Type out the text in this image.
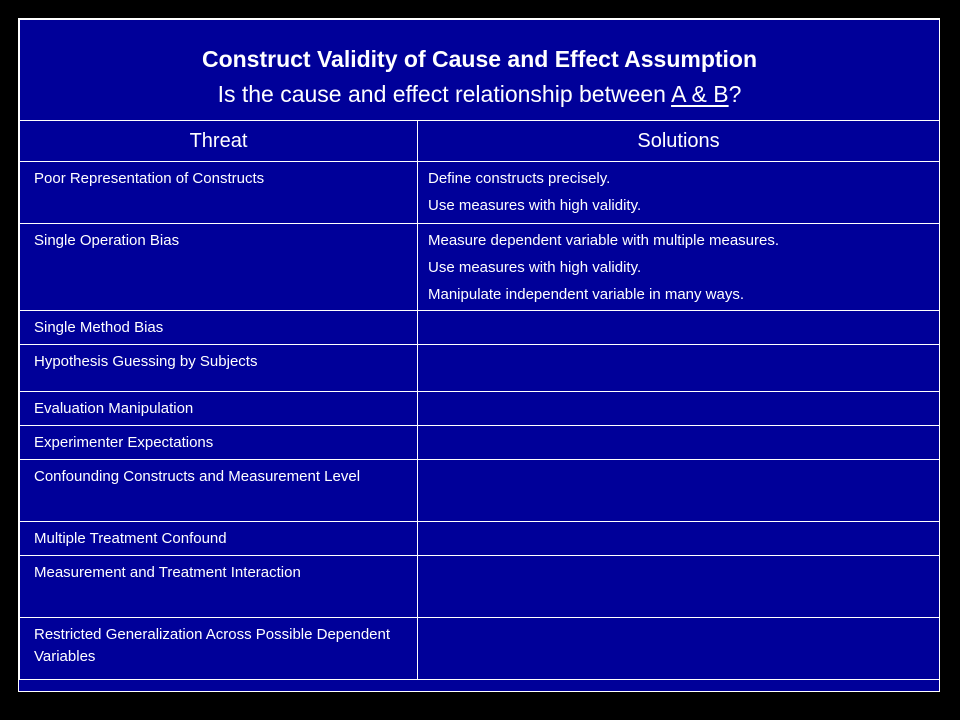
Construct Validity of Cause and Effect Assumption
Is the cause and effect relationship between A & B?	

Threat	Solutions

Poor Representation of Constructs	Define constructs precisely.
Use measures with high validity.

Single Operation Bias	Measure dependent variable with multiple measures.
Use measures with high validity.
Manipulate independent variable in many ways.

Single Method Bias	

Hypothesis Guessing by Subjects	

Evaluation Manipulation	

Experimenter Expectations	

Confounding Constructs and Measurement Level	

Multiple Treatment Confound	

Measurement and Treatment Interaction	

Restricted Generalization Across Possible Dependent Variables	
